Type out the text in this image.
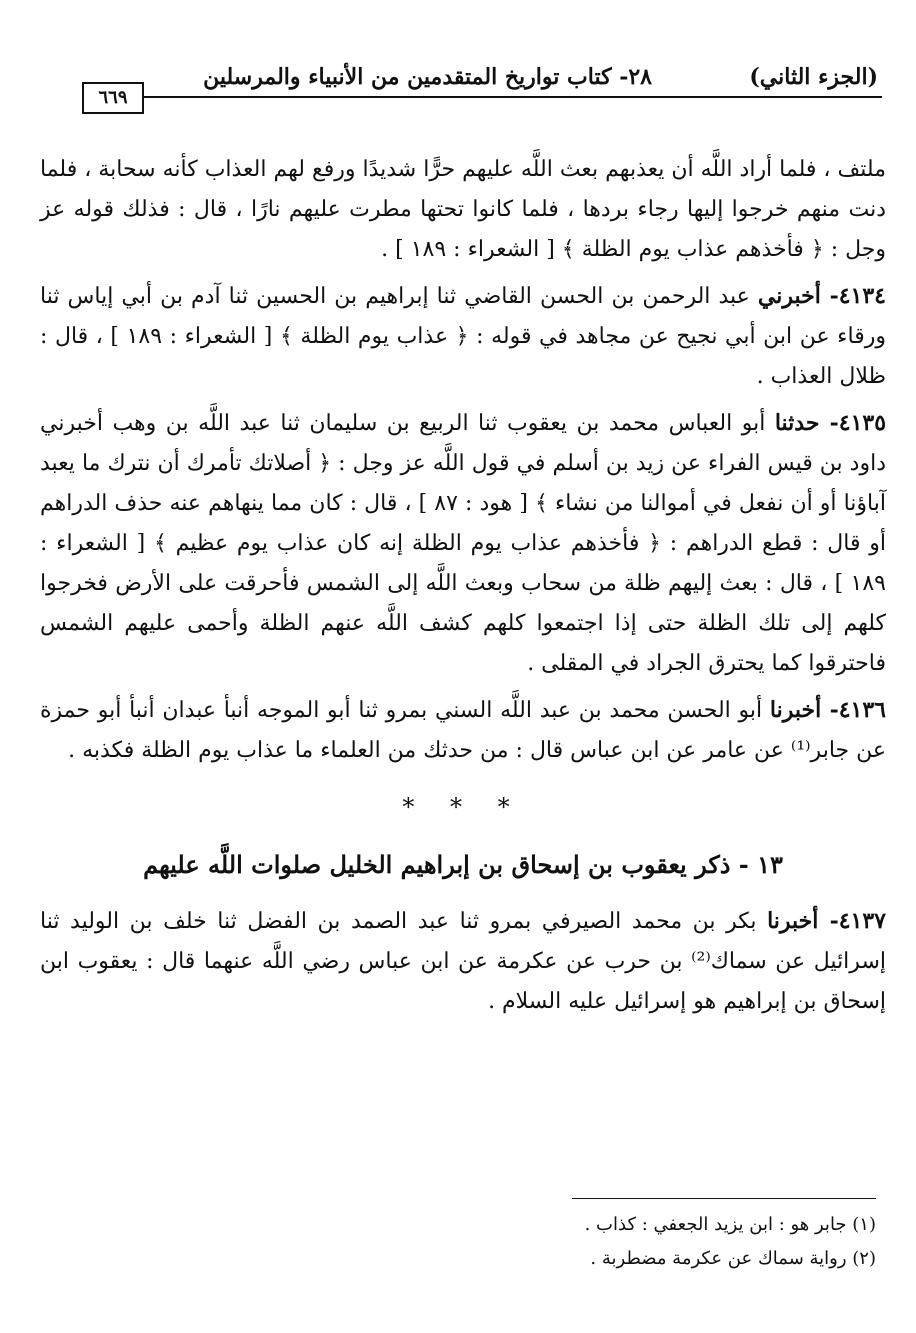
(الجزء الثاني)
٢٨- كتاب تواريخ المتقدمين من الأنبياء والمرسلين
٦٦٩

ملتف ، فلما أراد اللَّه أن يعذبهم بعث اللَّه عليهم حرًّا شديدًا ورفع لهم العذاب كأنه سحابة ، فلما دنت منهم خرجوا إليها رجاء بردها ، فلما كانوا تحتها مطرت عليهم نارًا ، قال : فذلك قوله عز وجل : ﴿ فأخذهم عذاب يوم الظلة ﴾ [ الشعراء : ١٨٩ ] .

٤١٣٤- أخبرني عبد الرحمن بن الحسن القاضي ثنا إبراهيم بن الحسين ثنا آدم بن أبي إياس ثنا ورقاء عن ابن أبي نجيح عن مجاهد في قوله : ﴿ عذاب يوم الظلة ﴾ [ الشعراء : ١٨٩ ] ، قال : ظلال العذاب .

٤١٣٥- حدثنا أبو العباس محمد بن يعقوب ثنا الربيع بن سليمان ثنا عبد اللَّه بن وهب أخبرني داود بن قيس الفراء عن زيد بن أسلم في قول اللَّه عز وجل : ﴿ أصلاتك تأمرك أن نترك ما يعبد آباؤنا أو أن نفعل في أموالنا من نشاء ﴾ [ هود : ٨٧ ] ، قال : كان مما ينهاهم عنه حذف الدراهم أو قال : قطع الدراهم : ﴿ فأخذهم عذاب يوم الظلة إنه كان عذاب يوم عظيم ﴾ [ الشعراء : ١٨٩ ] ، قال : بعث إليهم ظلة من سحاب وبعث اللَّه إلى الشمس فأحرقت على الأرض فخرجوا كلهم إلى تلك الظلة حتى إذا اجتمعوا كلهم كشف اللَّه عنهم الظلة وأحمى عليهم الشمس فاحترقوا كما يحترق الجراد في المقلى .

٤١٣٦- أخبرنا أبو الحسن محمد بن عبد اللَّه السني بمرو ثنا أبو الموجه أنبأ عبدان أنبأ أبو حمزة عن جابر⁽¹⁾ عن عامر عن ابن عباس قال : من حدثك من العلماء ما عذاب يوم الظلة فكذبه .

* * *
١٣ - ذكر يعقوب بن إسحاق بن إبراهيم الخليل صلوات اللَّه عليهم

٤١٣٧- أخبرنا بكر بن محمد الصيرفي بمرو ثنا عبد الصمد بن الفضل ثنا خلف بن الوليد ثنا إسرائيل عن سماك⁽²⁾ بن حرب عن عكرمة عن ابن عباس رضي اللَّه عنهما قال : يعقوب ابن إسحاق بن إبراهيم هو إسرائيل عليه السلام .

(١) جابر هو : ابن يزيد الجعفي : كذاب .
(٢) رواية سماك عن عكرمة مضطربة .
